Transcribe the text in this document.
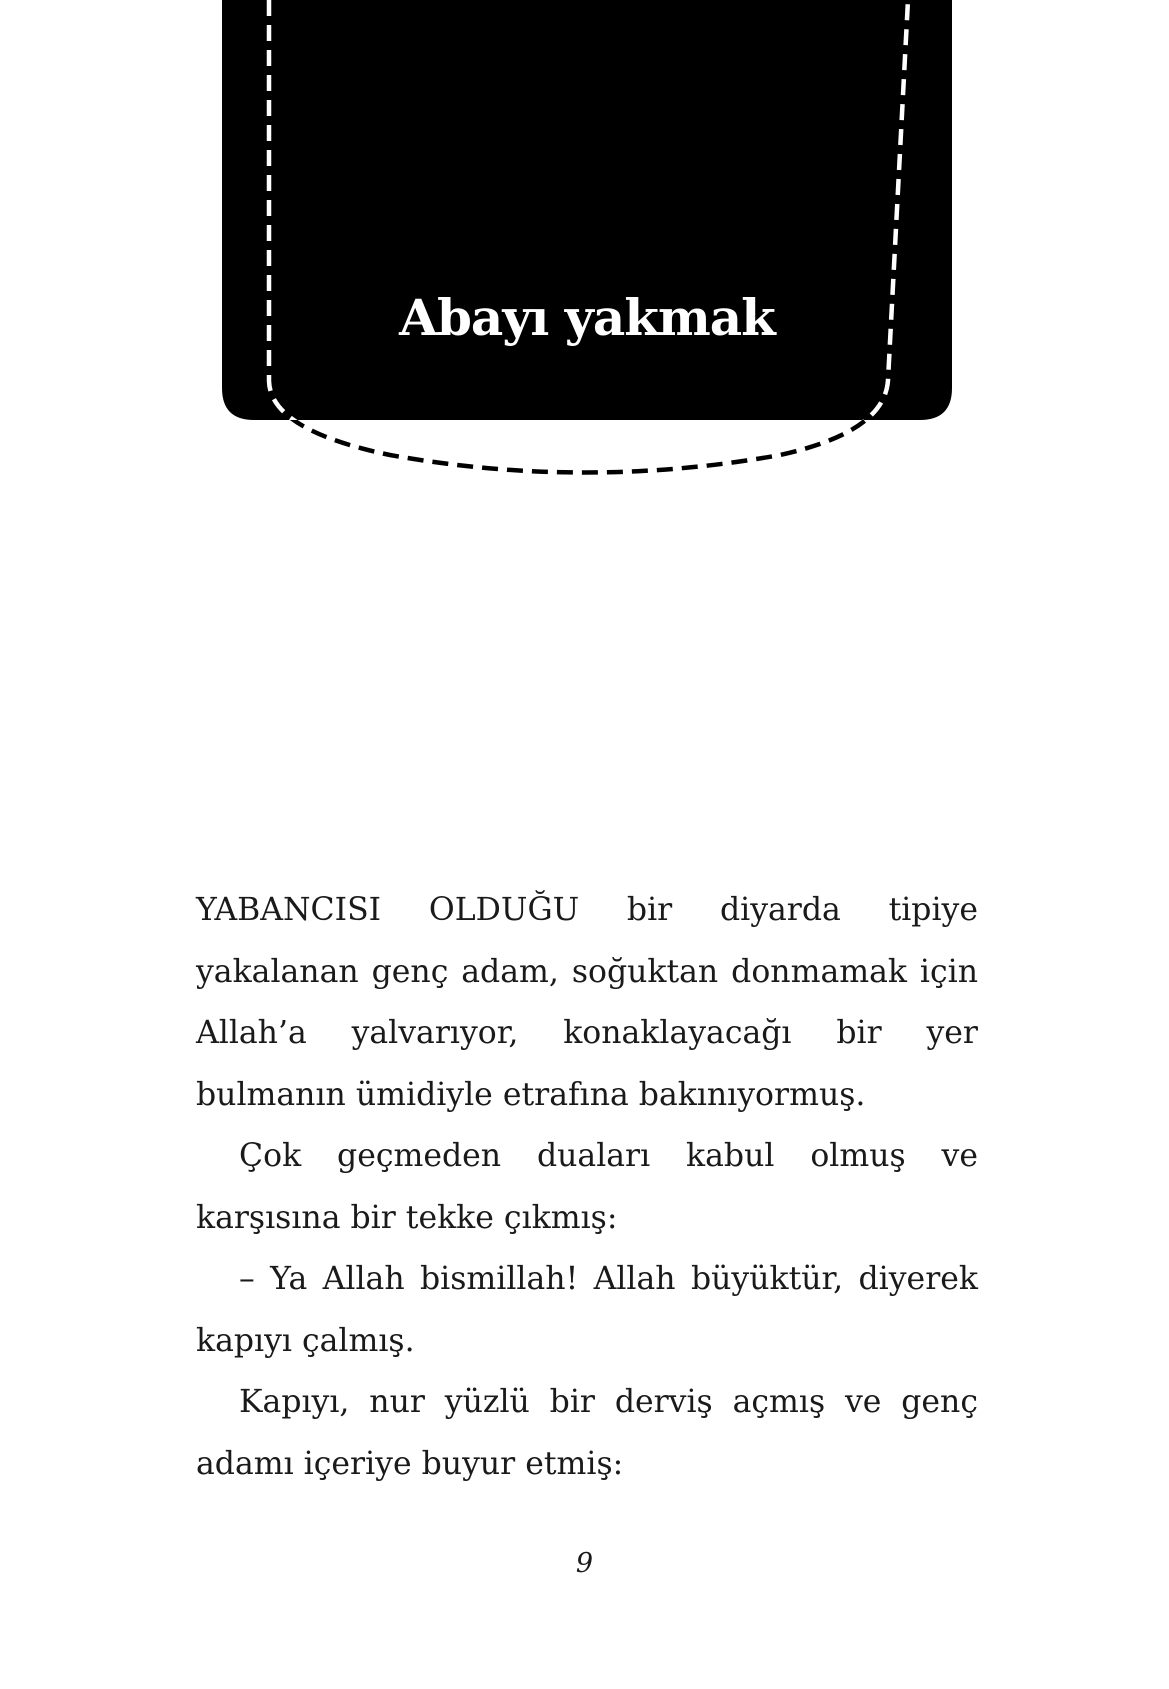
Abayı yakmak

YABANCISI OLDUĞU bir diyarda tipiye yakalanan genç adam, soğuktan donmamak için Allah’a yalvarıyor, konaklayacağı bir yer bulmanın ümidiyle etrafına bakınıyormuş.

Çok geçmeden duaları kabul olmuş ve karşısına bir tekke çıkmış:

– Ya Allah bismillah! Allah büyüktür, diyerek kapıyı çalmış.

Kapıyı, nur yüzlü bir derviş açmış ve genç adamı içeriye buyur etmiş:

9
